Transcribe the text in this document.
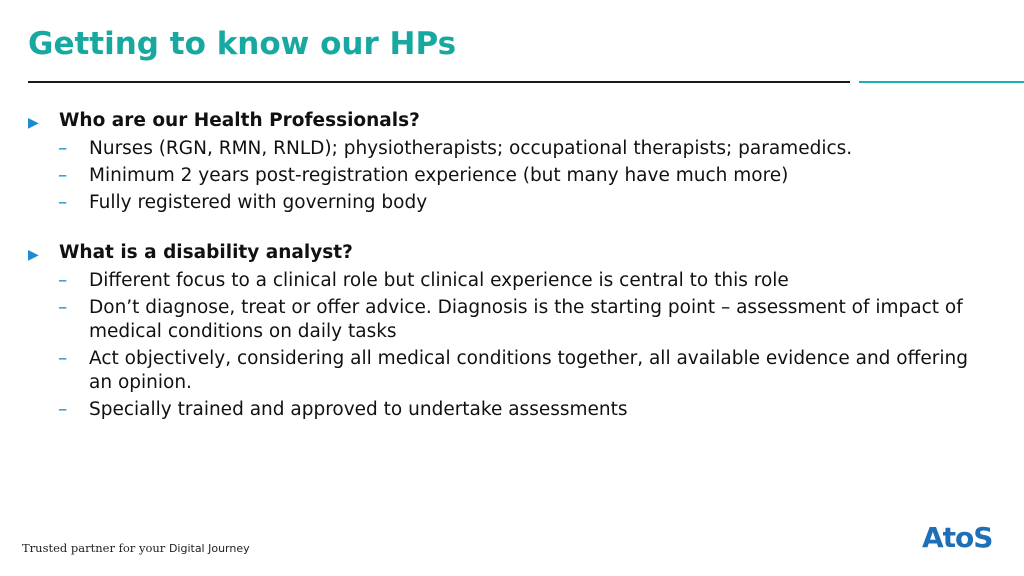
Getting to know our HPs
▶	Who are our Health Professionals?
–	Nurses (RGN, RMN, RNLD); physiotherapists; occupational therapists; paramedics.
–	Minimum 2 years post-registration experience (but many have much more)
–	Fully registered with governing body
▶	What is a disability analyst?
–	Different focus to a clinical role but clinical experience is central to this role
–	Don’t diagnose, treat or offer advice. Diagnosis is the starting point – assessment of impact of medical conditions on daily tasks
–	Act objectively, considering all medical conditions together, all available evidence and offering an opinion.
–	Specially trained and approved to undertake assessments
Trusted partner for your Digital Journey	AtoS
